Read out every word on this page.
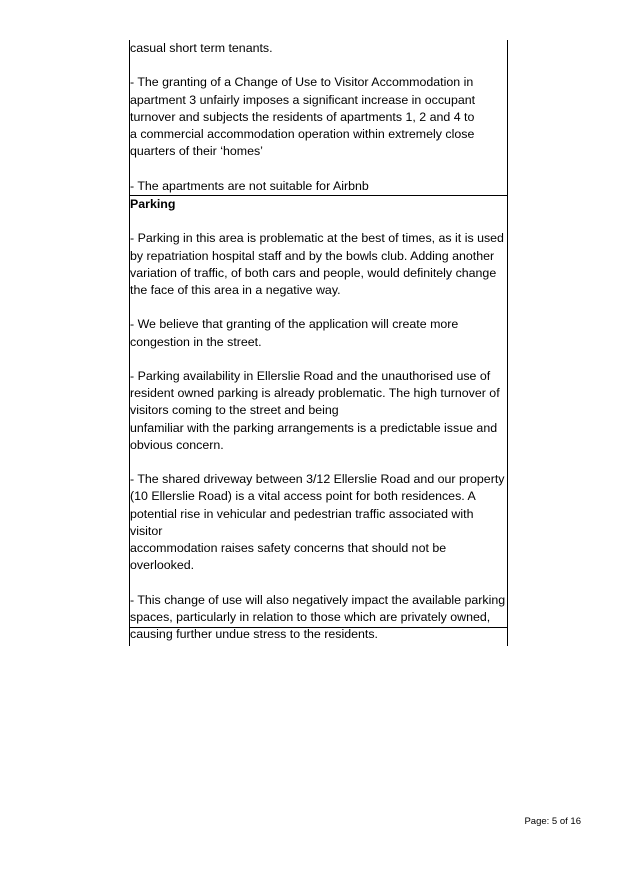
casual short term tenants.

- The granting of a Change of Use to Visitor Accommodation in

apartment 3 unfairly imposes a significant increase in occupant

turnover and subjects the residents of apartments 1, 2 and 4 to

a commercial accommodation operation within extremely close

quarters of their ‘homes’

- The apartments are not suitable for Airbnb

Parking

- Parking in this area is problematic at the best of times, as it is used

by repatriation hospital staff and by the bowls club. Adding another

variation of traffic, of both cars and people, would definitely change

the face of this area in a negative way.

- We believe that granting of the application will create more

congestion in the street.

- Parking availability in Ellerslie Road and the unauthorised use of

resident owned parking is already problematic. The high turnover of

visitors coming to the street and being

unfamiliar with the parking arrangements is a predictable issue and

obvious concern.

- The shared driveway between 3/12 Ellerslie Road and our property

(10 Ellerslie Road) is a vital access point for both residences. A

potential rise in vehicular and pedestrian traffic associated with visitor

accommodation raises safety concerns that should not be

overlooked.

- This change of use will also negatively impact the available parking

spaces, particularly in relation to those which are privately owned,

causing further undue stress to the residents.

Page: 5 of 16
